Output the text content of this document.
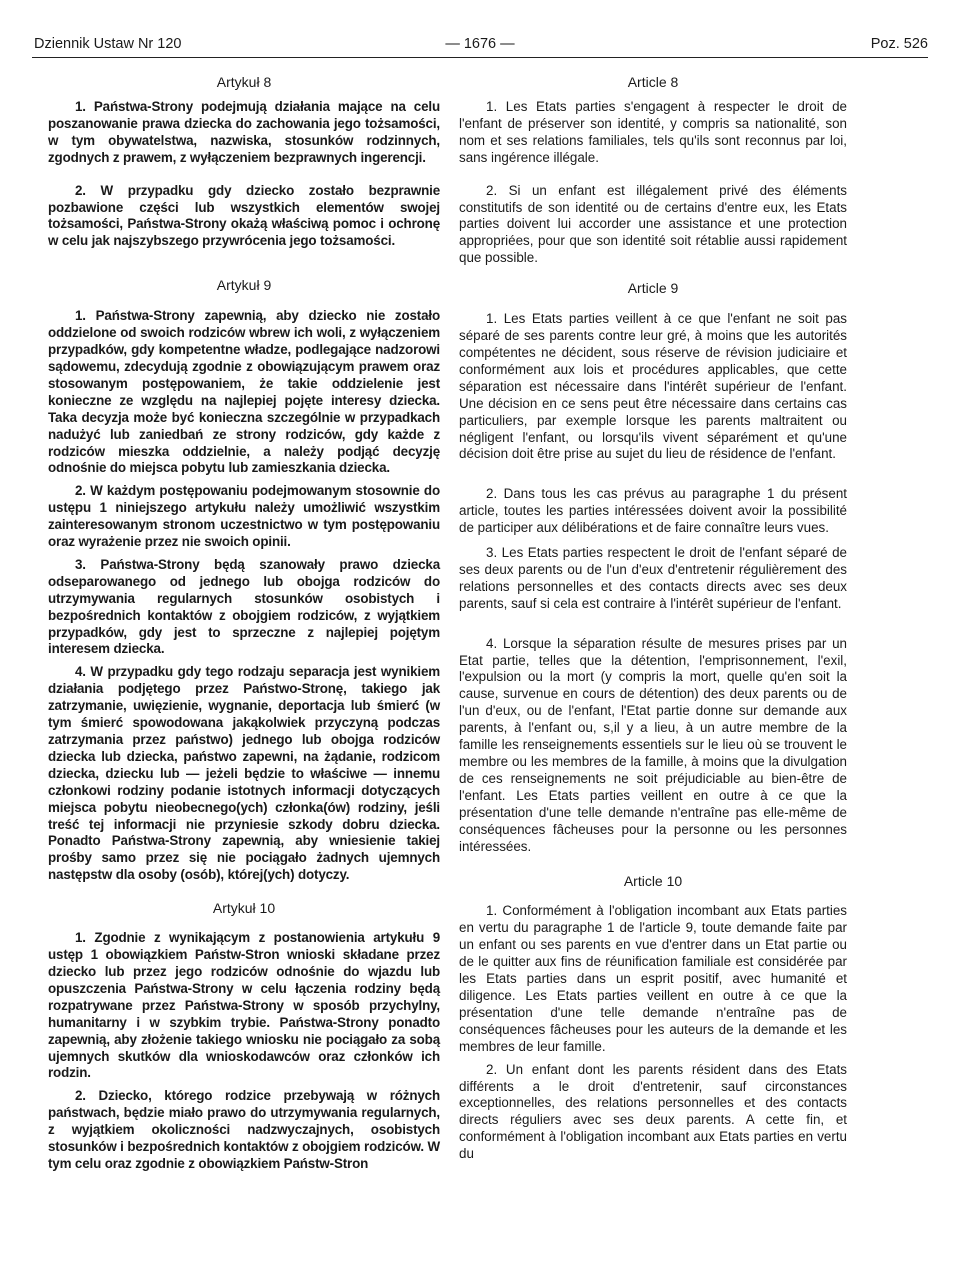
Dziennik Ustaw Nr 120	— 1676 —	Poz. 526
Artykuł 8

1. Państwa-Strony podejmują działania mające na celu poszanowanie prawa dziecka do zachowania jego tożsamości, w tym obywatelstwa, nazwiska, stosunków rodzinnych, zgodnych z prawem, z wyłączeniem bezprawnych ingerencji.

2. W przypadku gdy dziecko zostało bezprawnie pozbawione części lub wszystkich elementów swojej tożsamości, Państwa-Strony okażą właściwą pomoc i ochronę w celu jak najszybszego przywrócenia jego tożsamości.

Artykuł 9

1. Państwa-Strony zapewnią, aby dziecko nie zostało oddzielone od swoich rodziców wbrew ich woli, z wyłączeniem przypadków, gdy kompetentne władze, podlegające nadzorowi sądowemu, zdecydują zgodnie z obowiązującym prawem oraz stosowanym postępowaniem, że takie oddzielenie jest konieczne ze względu na najlepiej pojęte interesy dziecka. Taka decyzja może być konieczna szczególnie w przypadkach nadużyć lub zaniedbań ze strony rodziców, gdy każde z rodziców mieszka oddzielnie, a należy podjąć decyzję odnośnie do miejsca pobytu lub zamieszkania dziecka.

2. W każdym postępowaniu podejmowanym stosownie do ustępu 1 niniejszego artykułu należy umożliwić wszystkim zainteresowanym stronom uczestnictwo w tym postępowaniu oraz wyrażenie przez nie swoich opinii.

3. Państwa-Strony będą szanowały prawo dziecka odseparowanego od jednego lub obojga rodziców do utrzymywania regularnych stosunków osobistych i bezpośrednich kontaktów z obojgiem rodziców, z wyjątkiem przypadków, gdy jest to sprzeczne z najlepiej pojętym interesem dziecka.

4. W przypadku gdy tego rodzaju separacja jest wynikiem działania podjętego przez Państwo-Stronę, takiego jak zatrzymanie, uwięzienie, wygnanie, deportacja lub śmierć (w tym śmierć spowodowana jakąkolwiek przyczyną podczas zatrzymania przez państwo) jednego lub obojga rodziców dziecka lub dziecka, państwo zapewni, na żądanie, rodzicom dziecka, dziecku lub — jeżeli będzie to właściwe — innemu członkowi rodziny podanie istotnych informacji dotyczących miejsca pobytu nieobecnego(ych) członka(ów) rodziny, jeśli treść tej informacji nie przyniesie szkody dobru dziecka. Ponadto Państwa-Strony zapewnią, aby wniesienie takiej prośby samo przez się nie pociągało żadnych ujemnych następstw dla osoby (osób), której(ych) dotyczy.

Artykuł 10

1. Zgodnie z wynikającym z postanowienia artykułu 9 ustęp 1 obowiązkiem Państw-Stron wnioski składane przez dziecko lub przez jego rodziców odnośnie do wjazdu lub opuszczenia Państwa-Strony w celu łączenia rodziny będą rozpatrywane przez Państwa-Strony w sposób przychylny, humanitarny i w szybkim trybie. Państwa-Strony ponadto zapewnią, aby złożenie takiego wniosku nie pociągało za sobą ujemnych skutków dla wnioskodawców oraz członków ich rodzin.

2. Dziecko, którego rodzice przebywają w różnych państwach, będzie miało prawo do utrzymywania regularnych, z wyjątkiem okoliczności nadzwyczajnych, osobistych stosunków i bezpośrednich kontaktów z obojgiem rodziców. W tym celu oraz zgodnie z obowiązkiem Państw-Stron

Article 8

1. Les Etats parties s'engagent à respecter le droit de l'enfant de préserver son identité, y compris sa nationalité, son nom et ses relations familiales, tels qu'ils sont reconnus par loi, sans ingérence illégale.

2. Si un enfant est illégalement privé des éléments constitutifs de son identité ou de certains d'entre eux, les Etats parties doivent lui accorder une assistance et une protection appropriées, pour que son identité soit rétablie aussi rapidement que possible.

Article 9

1. Les Etats parties veillent à ce que l'enfant ne soit pas séparé de ses parents contre leur gré, à moins que les autorités compétentes ne décident, sous réserve de révision judiciaire et conformément aux lois et procédures applicables, que cette séparation est nécessaire dans l'intérêt supérieur de l'enfant. Une décision en ce sens peut être nécessaire dans certains cas particuliers, par exemple lorsque les parents maltraitent ou négligent l'enfant, ou lorsqu'ils vivent séparément et qu'une décision doit être prise au sujet du lieu de résidence de l'enfant.

2. Dans tous les cas prévus au paragraphe 1 du présent article, toutes les parties intéressées doivent avoir la possibilité de participer aux délibérations et de faire connaître leurs vues.

3. Les Etats parties respectent le droit de l'enfant séparé de ses deux parents ou de l'un d'eux d'entretenir régulièrement des relations personnelles et des contacts directs avec ses deux parents, sauf si cela est contraire à l'intérêt supérieur de l'enfant.

4. Lorsque la séparation résulte de mesures prises par un Etat partie, telles que la détention, l'emprisonnement, l'exil, l'expulsion ou la mort (y compris la mort, quelle qu'en soit la cause, survenue en cours de détention) des deux parents ou de l'un d'eux, ou de l'enfant, l'Etat partie donne sur demande aux parents, à l'enfant ou, s,il y a lieu, à un autre membre de la famille les renseignements essentiels sur le lieu où se trouvent le membre ou les membres de la famille, à moins que la divulgation de ces renseignements ne soit préjudiciable au bien-être de l'enfant. Les Etats parties veillent en outre à ce que la présentation d'une telle demande n'entraîne pas elle-même de conséquences fâcheuses pour la personne ou les personnes intéressées.

Article 10

1. Conformément à l'obligation incombant aux Etats parties en vertu du paragraphe 1 de l'article 9, toute demande faite par un enfant ou ses parents en vue d'entrer dans un Etat partie ou de le quitter aux fins de réunification familiale est considérée par les Etats parties dans un esprit positif, avec humanité et diligence. Les Etats parties veillent en outre à ce que la présentation d'une telle demande n'entraîne pas de conséquences fâcheuses pour les auteurs de la demande et les membres de leur famille.

2. Un enfant dont les parents résident dans des Etats différents a le droit d'entretenir, sauf circonstances exceptionnelles, des relations personnelles et des contacts directs réguliers avec ses deux parents. A cette fin, et conformément à l'obligation incombant aux Etats parties en vertu du
